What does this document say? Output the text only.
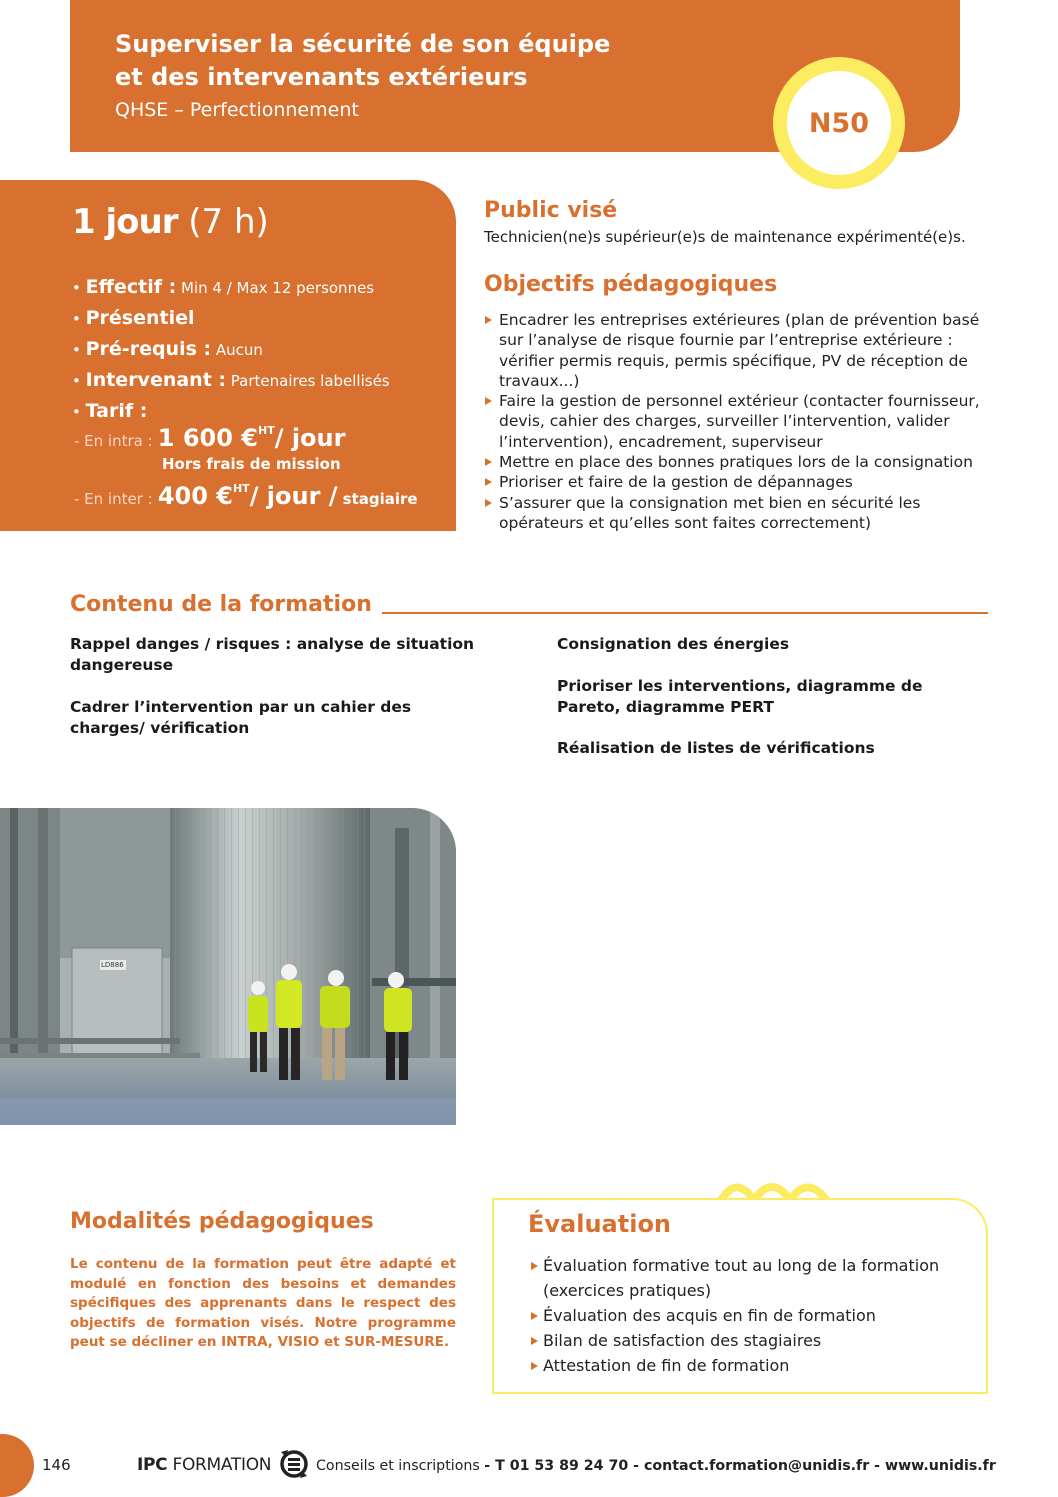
Superviser la sécurité de son équipe
et des intervenants extérieurs
QHSE – Perfectionnement	N50
1 jour (7 h)
• Effectif : Min 4 / Max 12 personnes
• Présentiel
• Pré-requis : Aucun
• Intervenant : Partenaires labellisés
• Tarif :
- En intra : 1 600 €$^{HT}$/ jour
Hors frais de mission
- En inter : 400 €$^{HT}$/ jour / stagiaire
Public visé
Technicien(ne)s supérieur(e)s de maintenance expérimenté(e)s.
Objectifs pédagogiques
Encadrer les entreprises extérieures (plan de prévention basé sur l’analyse de risque fournie par l’entreprise extérieure : vérifier permis requis, permis spécifique, PV de réception de travaux...)
Faire la gestion de personnel extérieur (contacter fournisseur, devis, cahier des charges, surveiller l’intervention, valider l’intervention), encadrement, superviseur
Mettre en place des bonnes pratiques lors de la consignation
Prioriser et faire de la gestion de dépannages
S’assurer que la consignation met bien en sécurité les opérateurs et qu’elles sont faites correctement)
Contenu de la formation
Rappel danges / risques : analyse de situation dangereuse
Cadrer l’intervention par un cahier des charges/ vérification
Consignation des énergies
Prioriser les interventions, diagramme de Pareto, diagramme PERT
Réalisation de listes de vérifications
LD886
Modalités pédagogiques
Le contenu de la formation peut être adapté et modulé en fonction des besoins et demandes spécifiques des apprenants dans le respect des objectifs de formation visés. Notre programme peut se décliner en INTRA, VISIO et SUR-MESURE.
Évaluation
Évaluation formative tout au long de la formation (exercices pratiques)
Évaluation des acquis en fin de formation
Bilan de satisfaction des stagiaires
Attestation de fin de formation
146	IPC FORMATION	Conseils et inscriptions - T 01 53 89 24 70 - contact.formation@unidis.fr - www.unidis.fr
